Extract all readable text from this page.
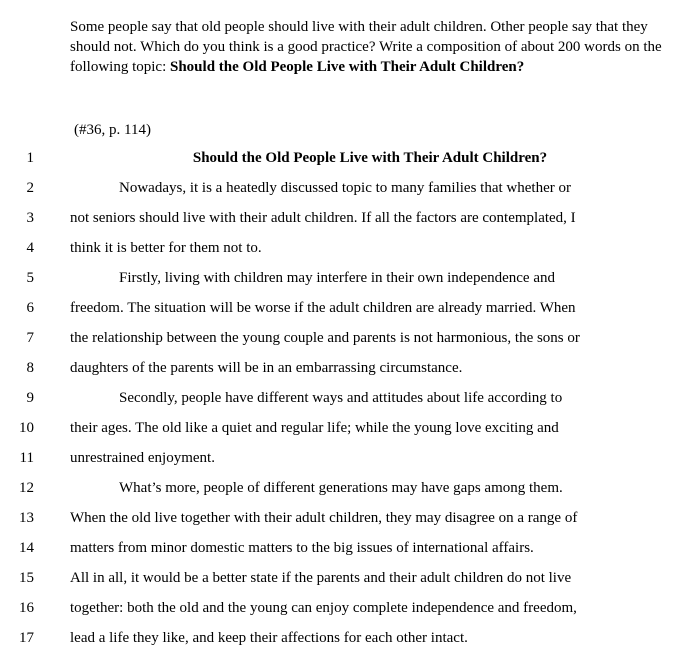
Some people say that old people should live with their adult children. Other people say that they should not. Which do you think is a good practice? Write a composition of about 200 words on the following topic: Should the Old People Live with Their Adult Children?
(#36, p. 114)
1	Should the Old People Live with Their Adult Children?
2	Nowadays, it is a heatedly discussed topic to many families that whether or
3 not seniors should live with their adult children. If all the factors are contemplated, I
4 think it is better for them not to.
5	Firstly, living with children may interfere in their own independence and
6 freedom. The situation will be worse if the adult children are already married. When
7 the relationship between the young couple and parents is not harmonious, the sons or
8 daughters of the parents will be in an embarrassing circumstance.
9	Secondly, people have different ways and attitudes about life according to
10 their ages. The old like a quiet and regular life; while the young love exciting and
11 unrestrained enjoyment.
12	What’s more, people of different generations may have gaps among them.
13 When the old live together with their adult children, they may disagree on a range of
14 matters from minor domestic matters to the big issues of international affairs.
15 All in all, it would be a better state if the parents and their adult children do not live
16 together: both the old and the young can enjoy complete independence and freedom,
17 lead a life they like, and keep their affections for each other intact.
